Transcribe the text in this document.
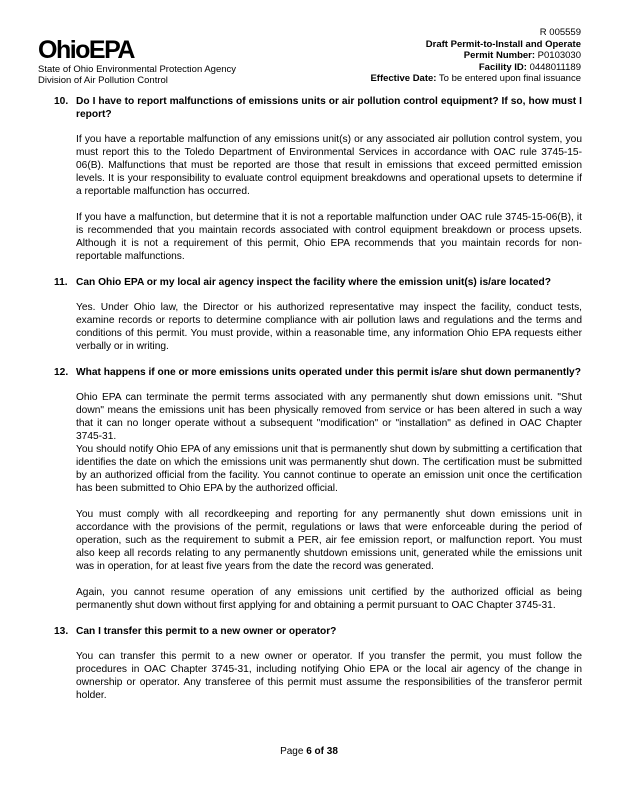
OhioEPA
State of Ohio Environmental Protection Agency
Division of Air Pollution Control
R 005559
Draft Permit-to-Install and Operate
Permit Number: P0103030
Facility ID: 0448011189
Effective Date: To be entered upon final issuance
10. Do I have to report malfunctions of emissions units or air pollution control equipment? If so, how must I report?
If you have a reportable malfunction of any emissions unit(s) or any associated air pollution control system, you must report this to the Toledo Department of Environmental Services in accordance with OAC rule 3745-15-06(B). Malfunctions that must be reported are those that result in emissions that exceed permitted emission levels. It is your responsibility to evaluate control equipment breakdowns and operational upsets to determine if a reportable malfunction has occurred.
If you have a malfunction, but determine that it is not a reportable malfunction under OAC rule 3745-15-06(B), it is recommended that you maintain records associated with control equipment breakdown or process upsets. Although it is not a requirement of this permit, Ohio EPA recommends that you maintain records for non-reportable malfunctions.
11. Can Ohio EPA or my local air agency inspect the facility where the emission unit(s) is/are located?
Yes. Under Ohio law, the Director or his authorized representative may inspect the facility, conduct tests, examine records or reports to determine compliance with air pollution laws and regulations and the terms and conditions of this permit. You must provide, within a reasonable time, any information Ohio EPA requests either verbally or in writing.
12. What happens if one or more emissions units operated under this permit is/are shut down permanently?
Ohio EPA can terminate the permit terms associated with any permanently shut down emissions unit. "Shut down" means the emissions unit has been physically removed from service or has been altered in such a way that it can no longer operate without a subsequent "modification" or "installation" as defined in OAC Chapter 3745-31.
You should notify Ohio EPA of any emissions unit that is permanently shut down by submitting a certification that identifies the date on which the emissions unit was permanently shut down. The certification must be submitted by an authorized official from the facility. You cannot continue to operate an emission unit once the certification has been submitted to Ohio EPA by the authorized official.
You must comply with all recordkeeping and reporting for any permanently shut down emissions unit in accordance with the provisions of the permit, regulations or laws that were enforceable during the period of operation, such as the requirement to submit a PER, air fee emission report, or malfunction report. You must also keep all records relating to any permanently shutdown emissions unit, generated while the emissions unit was in operation, for at least five years from the date the record was generated.
Again, you cannot resume operation of any emissions unit certified by the authorized official as being permanently shut down without first applying for and obtaining a permit pursuant to OAC Chapter 3745-31.
13. Can I transfer this permit to a new owner or operator?
You can transfer this permit to a new owner or operator. If you transfer the permit, you must follow the procedures in OAC Chapter 3745-31, including notifying Ohio EPA or the local air agency of the change in ownership or operator. Any transferee of this permit must assume the responsibilities of the transferor permit holder.
Page 6 of 38
